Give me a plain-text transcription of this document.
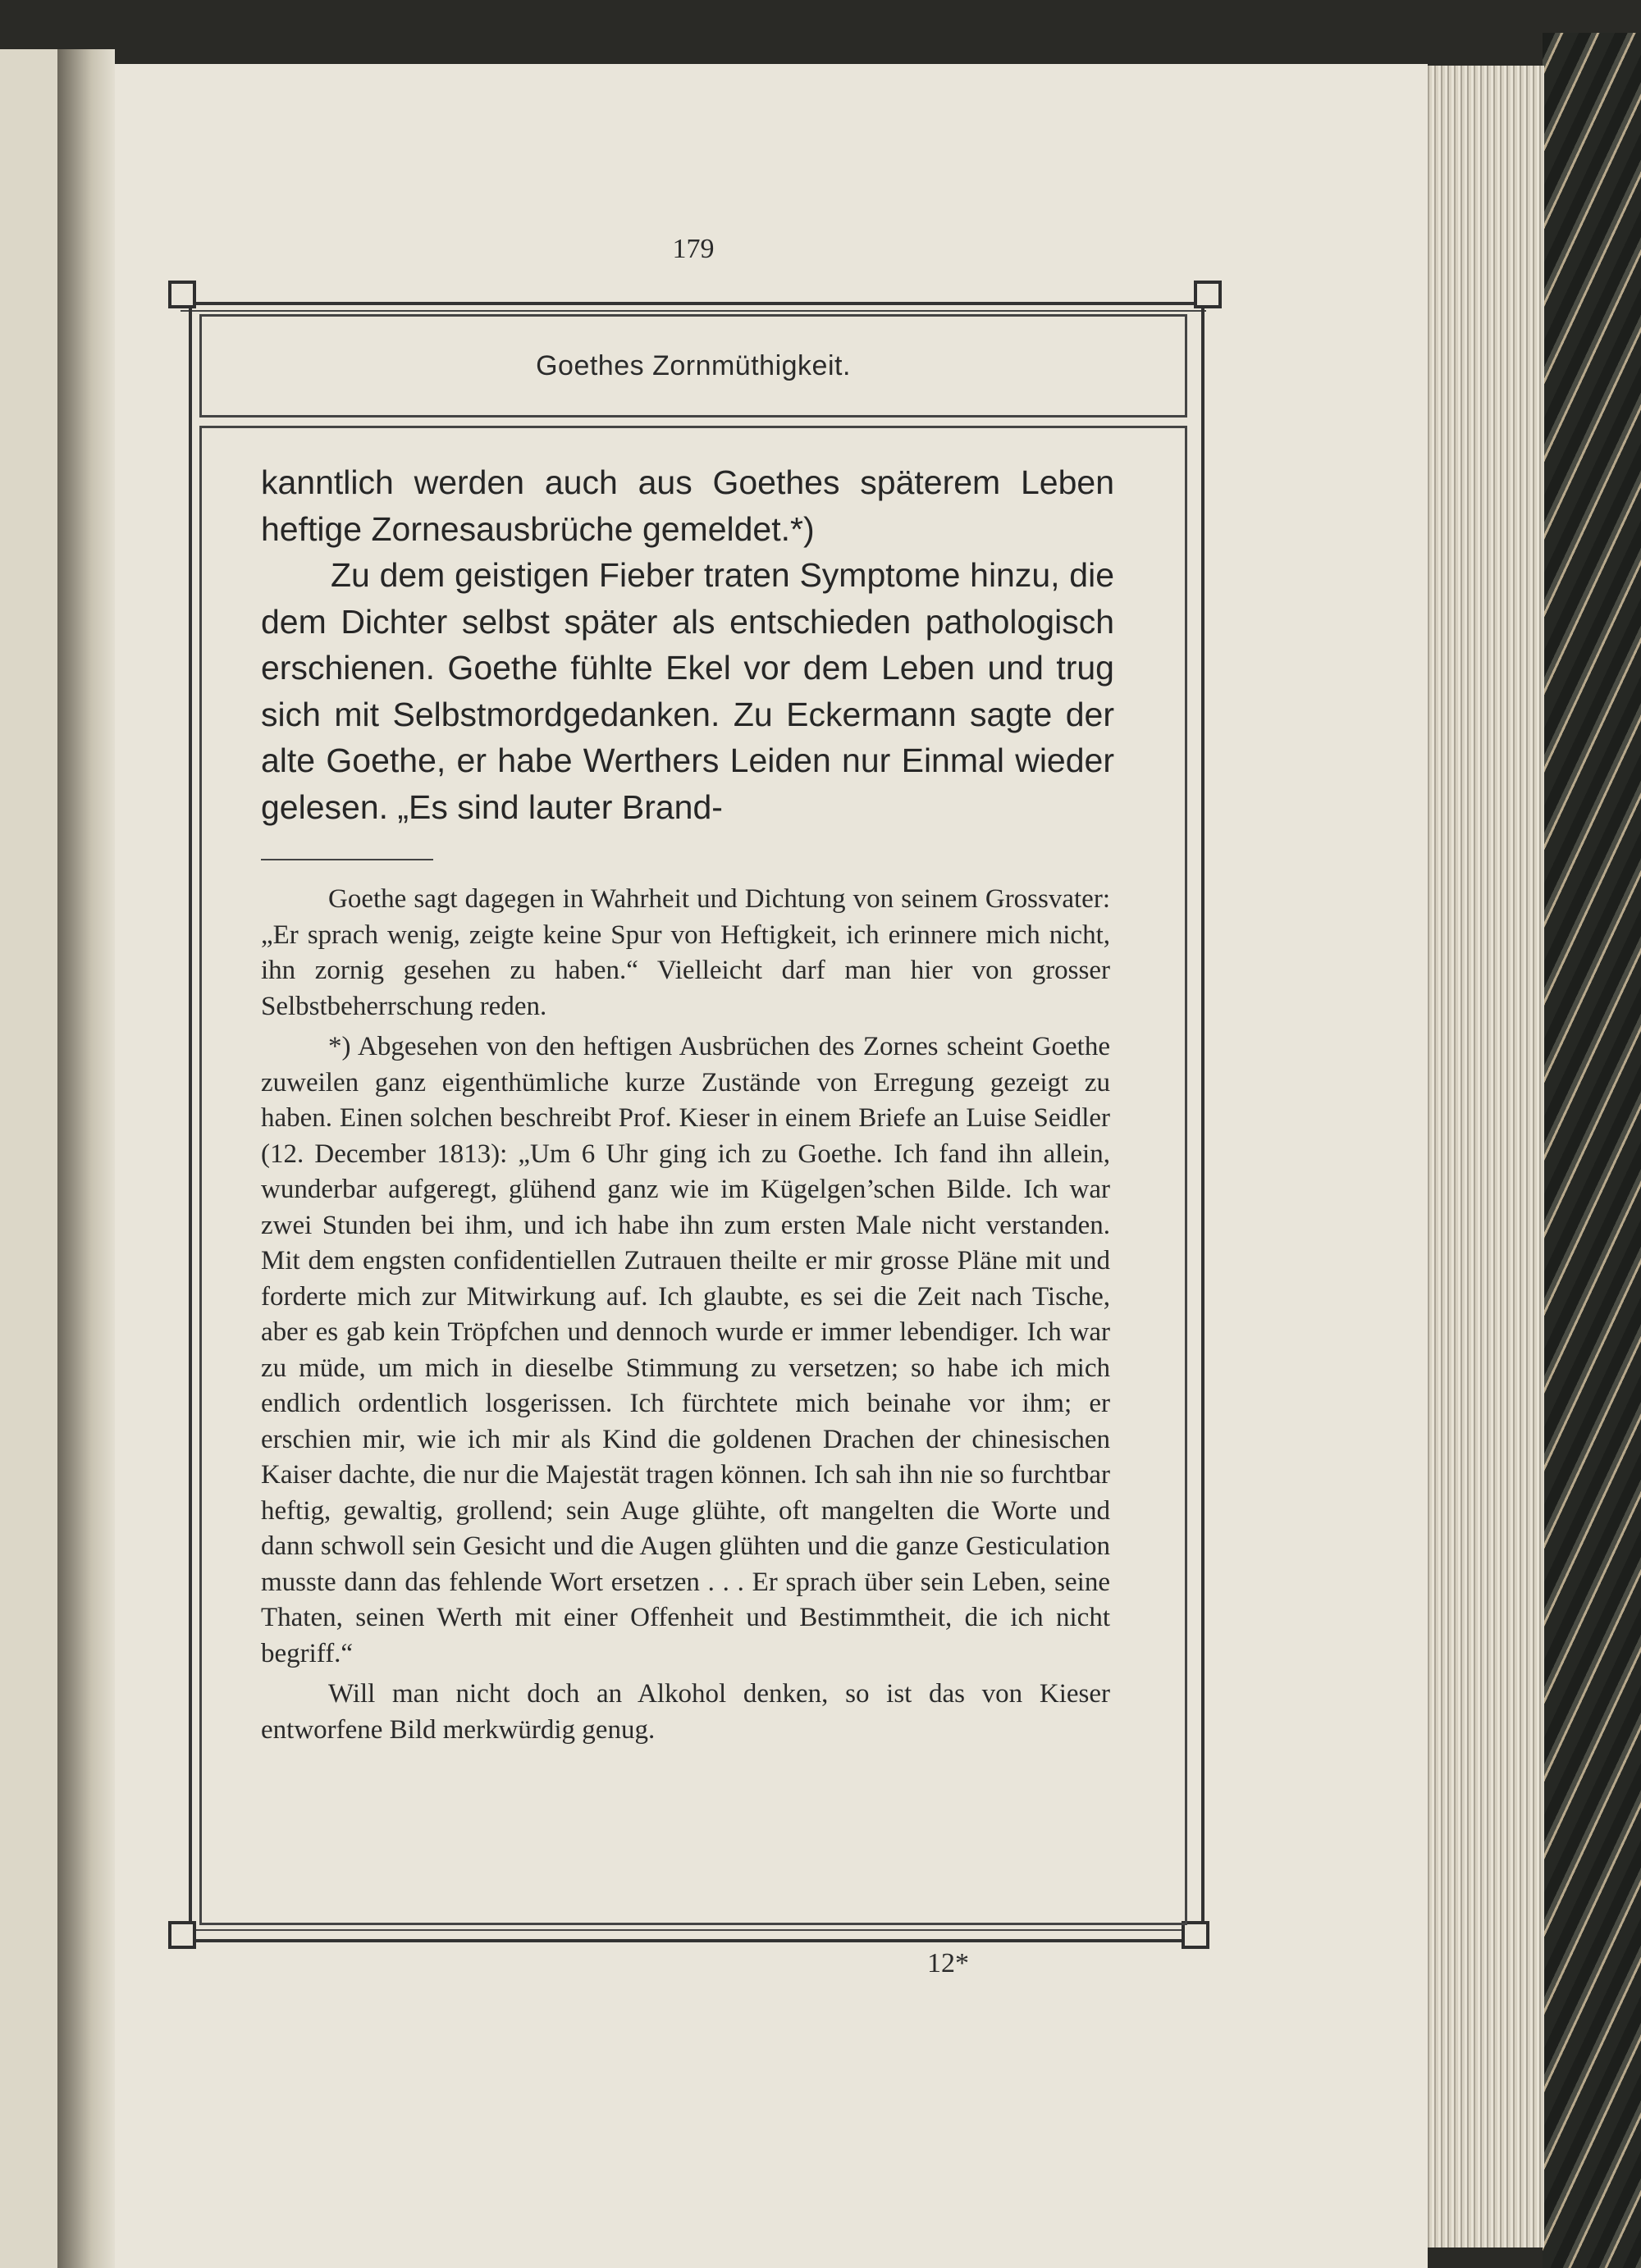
179
Goethes Zornmüthigkeit.

kanntlich werden auch aus Goethes späterem Leben heftige Zornesausbrüche gemeldet.*)

Zu dem geistigen Fieber traten Symptome hinzu, die dem Dichter selbst später als entschieden pathologisch erschienen. Goethe fühlte Ekel vor dem Leben und trug sich mit Selbstmordgedanken. Zu Eckermann sagte der alte Goethe, er habe Werthers Leiden nur Einmal wieder gelesen. „Es sind lauter Brand-

Goethe sagt dagegen in Wahrheit und Dichtung von seinem Grossvater: „Er sprach wenig, zeigte keine Spur von Heftigkeit, ich erinnere mich nicht, ihn zornig gesehen zu haben.“ Vielleicht darf man hier von grosser Selbstbeherrschung reden.

*) Abgesehen von den heftigen Ausbrüchen des Zornes scheint Goethe zuweilen ganz eigenthümliche kurze Zustände von Erregung gezeigt zu haben. Einen solchen beschreibt Prof. Kieser in einem Briefe an Luise Seidler (12. December 1813): „Um 6 Uhr ging ich zu Goethe. Ich fand ihn allein, wunderbar aufgeregt, glühend ganz wie im Kügelgen’schen Bilde. Ich war zwei Stunden bei ihm, und ich habe ihn zum ersten Male nicht verstanden. Mit dem engsten confidentiellen Zutrauen theilte er mir grosse Pläne mit und forderte mich zur Mitwirkung auf. Ich glaubte, es sei die Zeit nach Tische, aber es gab kein Tröpfchen und dennoch wurde er immer lebendiger. Ich war zu müde, um mich in dieselbe Stimmung zu versetzen; so habe ich mich endlich ordentlich losgerissen. Ich fürchtete mich beinahe vor ihm; er erschien mir, wie ich mir als Kind die goldenen Drachen der chinesischen Kaiser dachte, die nur die Majestät tragen können. Ich sah ihn nie so furchtbar heftig, gewaltig, grollend; sein Auge glühte, oft mangelten die Worte und dann schwoll sein Gesicht und die Augen glühten und die ganze Gesticulation musste dann das fehlende Wort ersetzen . . . Er sprach über sein Leben, seine Thaten, seinen Werth mit einer Offenheit und Bestimmtheit, die ich nicht begriff.“

Will man nicht doch an Alkohol denken, so ist das von Kieser entworfene Bild merkwürdig genug.

12*
